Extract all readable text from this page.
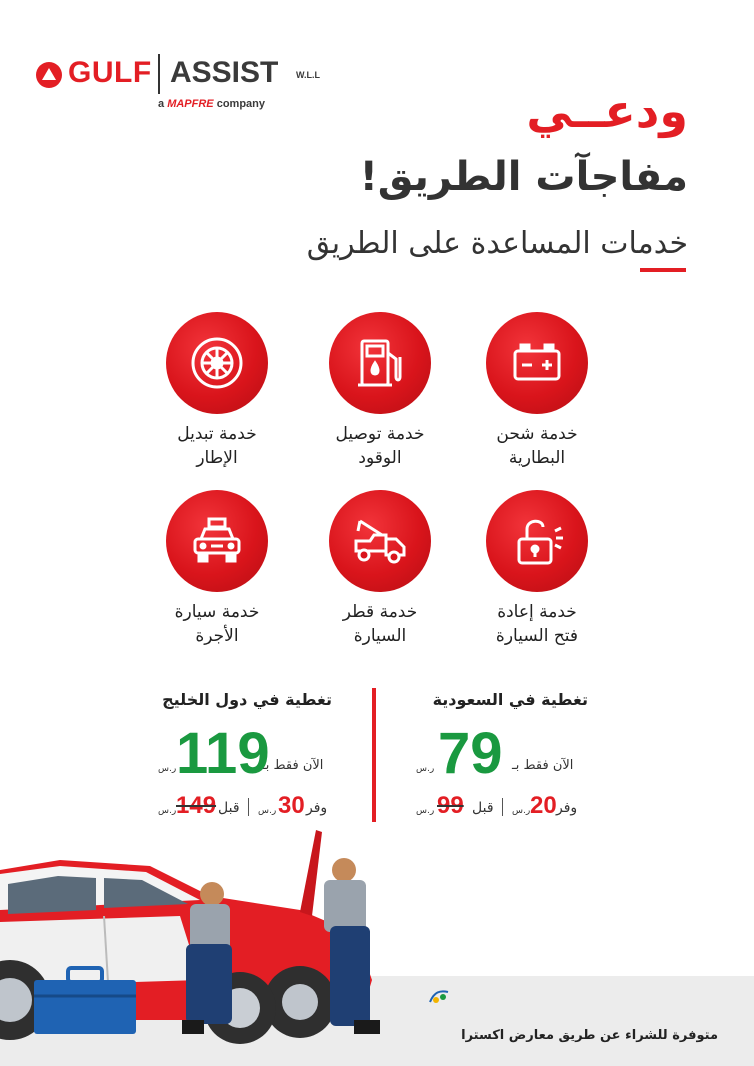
GULF ASSIST W.L.L
a MAPFRE company	ودعــي
مفاجآت الطريق!
خدمات المساعدة على الطريق
خدمة شحن
البطارية
خدمة توصيل
الوقود
خدمة تبديل
الإطار
خدمة إعادة
فتح السيارة
خدمة قطر
السيارة
خدمة سيارة
الأجرة
تغطية في السعودية
الآن فقط بـ
79
ر.س
وفر
20
ر.س
قبل
99
ر.س
تغطية في دول الخليج
الآن فقط بـ
119
ر.س
وفر
30
ر.س
قبل
149
ر.س
متوفرة للشراء عن طريق معارض اكسترا
